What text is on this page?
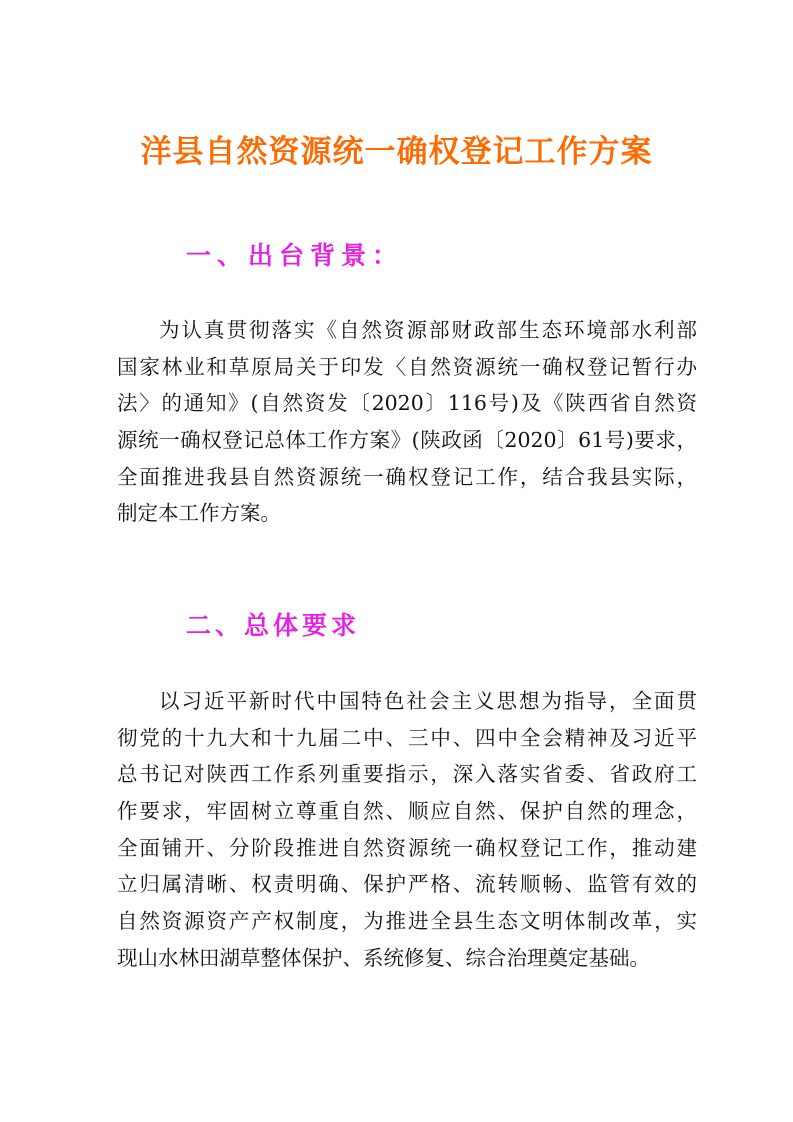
洋县自然资源统一确权登记工作方案
一、出台背景：
为认真贯彻落实《自然资源部财政部生态环境部水利部
国家林业和草原局关于印发〈自然资源统一确权登记暂行办
法〉的通知》(自然资发〔2020〕116号)及《陕西省自然资
源统一确权登记总体工作方案》(陕政函〔2020〕61号)要求，
全面推进我县自然资源统一确权登记工作，结合我县实际，
制定本工作方案。
二、总体要求
以习近平新时代中国特色社会主义思想为指导，全面贯
彻党的十九大和十九届二中、三中、四中全会精神及习近平
总书记对陕西工作系列重要指示，深入落实省委、省政府工
作要求，牢固树立尊重自然、顺应自然、保护自然的理念，
全面铺开、分阶段推进自然资源统一确权登记工作，推动建
立归属清晰、权责明确、保护严格、流转顺畅、监管有效的
自然资源资产产权制度，为推进全县生态文明体制改革，实
现山水林田湖草整体保护、系统修复、综合治理奠定基础。
